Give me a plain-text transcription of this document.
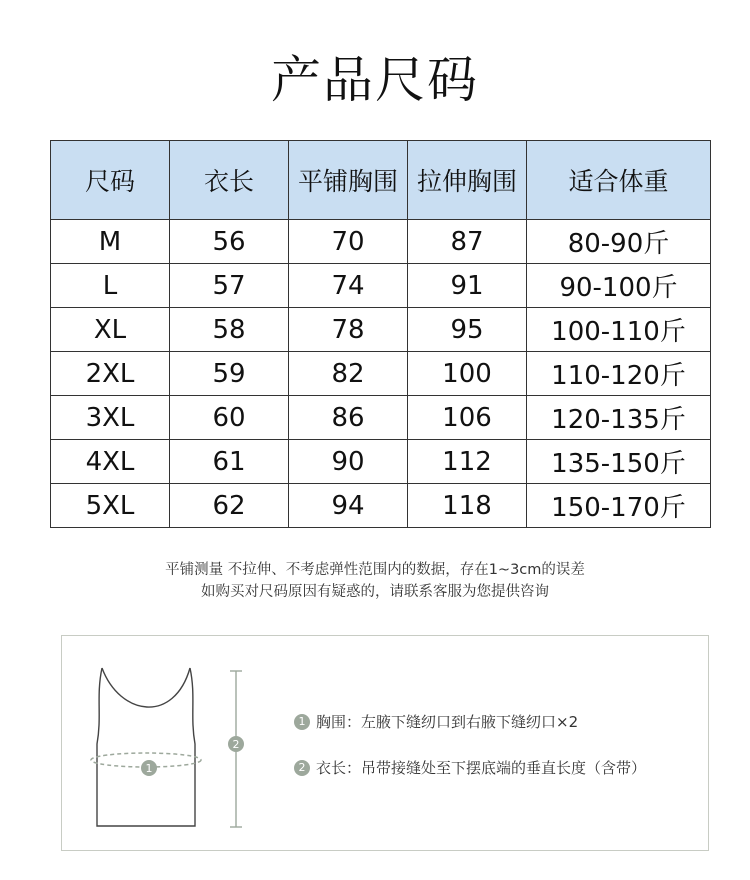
产品尺码
尺码	衣长	平铺胸围	拉伸胸围	适合体重
M	56	70	87	80-90斤
L	57	74	91	90-100斤
XL	58	78	95	100-110斤
2XL	59	82	100	110-120斤
3XL	60	86	106	120-135斤
4XL	61	90	112	135-150斤
5XL	62	94	118	150-170斤
平铺测量 不拉伸、不考虑弹性范围内的数据，存在1~3cm的误差
如购买对尺码原因有疑惑的，请联系客服为您提供咨询
1
2
1 胸围：左腋下缝纫口到右腋下缝纫口×2
2 衣长：吊带接缝处至下摆底端的垂直长度（含带）
